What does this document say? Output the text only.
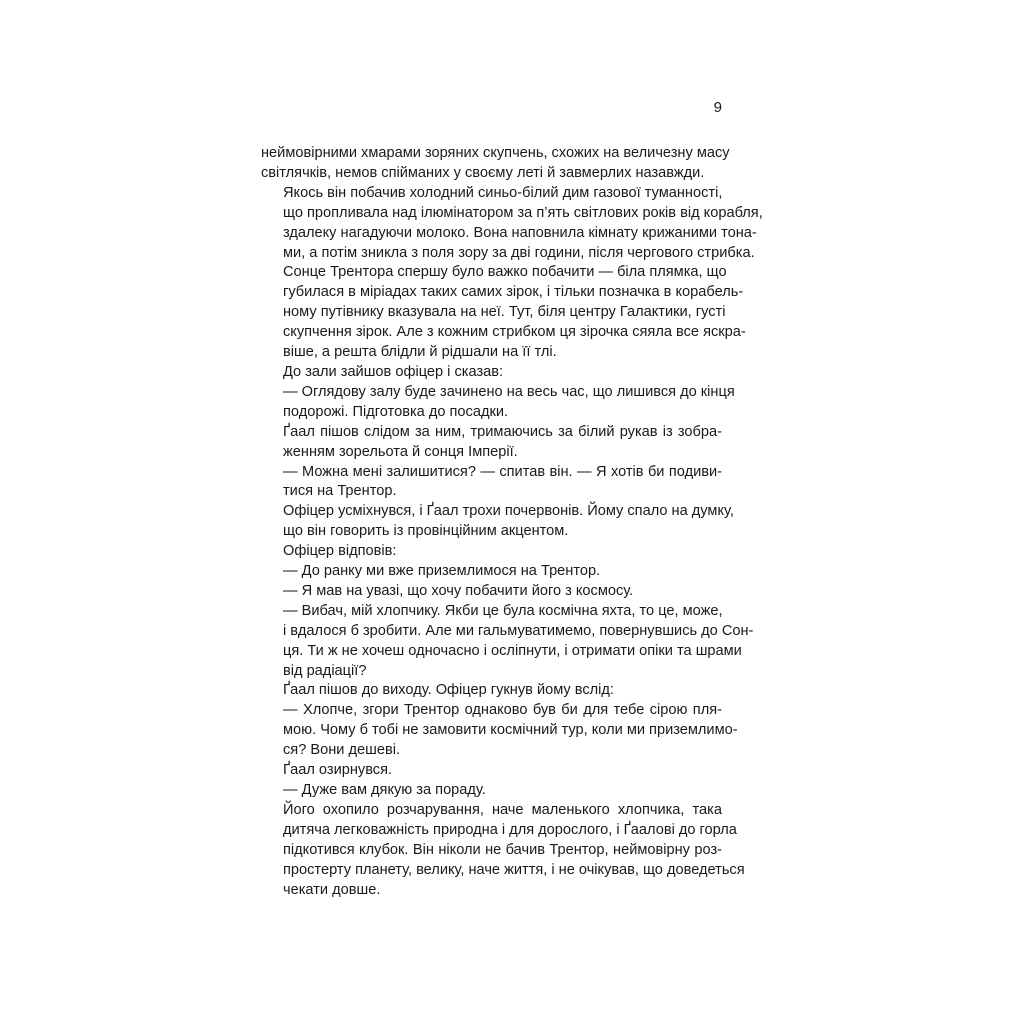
9
неймовірними хмарами зоряних скупчень, схожих на величезну масу
світлячків, немов спійманих у своєму леті й завмерлих назавжди.
Якось він побачив холодний синьо-білий дим газової туманності,
що пропливала над ілюмінатором за п’ять світлових років від корабля,
здалеку нагадуючи молоко. Вона наповнила кімнату крижаними тона-
ми, а потім зникла з поля зору за дві години, після чергового стрибка.
Сонце Трентора спершу було важко побачити — біла плямка, що
губилася в міріадах таких самих зірок, і тільки позначка в корабель-
ному путівнику вказувала на неї. Тут, біля центру Галактики, густі
скупчення зірок. Але з кожним стрибком ця зірочка сяяла все яскра-
віше, а решта блідли й рідшали на її тлі.
До зали зайшов офіцер і сказав:
— Оглядову залу буде зачинено на весь час, що лишився до кінця
подорожі. Підготовка до посадки.
Ґаал пішов слідом за ним, тримаючись за білий рукав із зобра-
женням зорельота й сонця Імперії.
— Можна мені залишитися? — спитав він. — Я хотів би подиви-
тися на Трентор.
Офіцер усміхнувся, і Ґаал трохи почервонів. Йому спало на думку,
що він говорить із провінційним акцентом.
Офіцер відповів:
— До ранку ми вже приземлимося на Трентор.
— Я мав на увазі, що хочу побачити його з космосу.
— Вибач, мій хлопчику. Якби це була космічна яхта, то це, може,
і вдалося б зробити. Але ми гальмуватимемо, повернувшись до Сон-
ця. Ти ж не хочеш одночасно і осліпнути, і отримати опіки та шрами
від радіації?
Ґаал пішов до виходу. Офіцер гукнув йому вслід:
— Хлопче, згори Трентор однаково був би для тебе сірою пля-
мою. Чому б тобі не замовити космічний тур, коли ми приземлимо-
ся? Вони дешеві.
Ґаал озирнувся.
— Дуже вам дякую за пораду.
Його охопило розчарування, наче маленького хлопчика, така
дитяча легковажність природна і для дорослого, і Ґаалові до горла
підкотився клубок. Він ніколи не бачив Трентор, неймовірну роз-
простерту планету, велику, наче життя, і не очікував, що доведеться
чекати довше.
